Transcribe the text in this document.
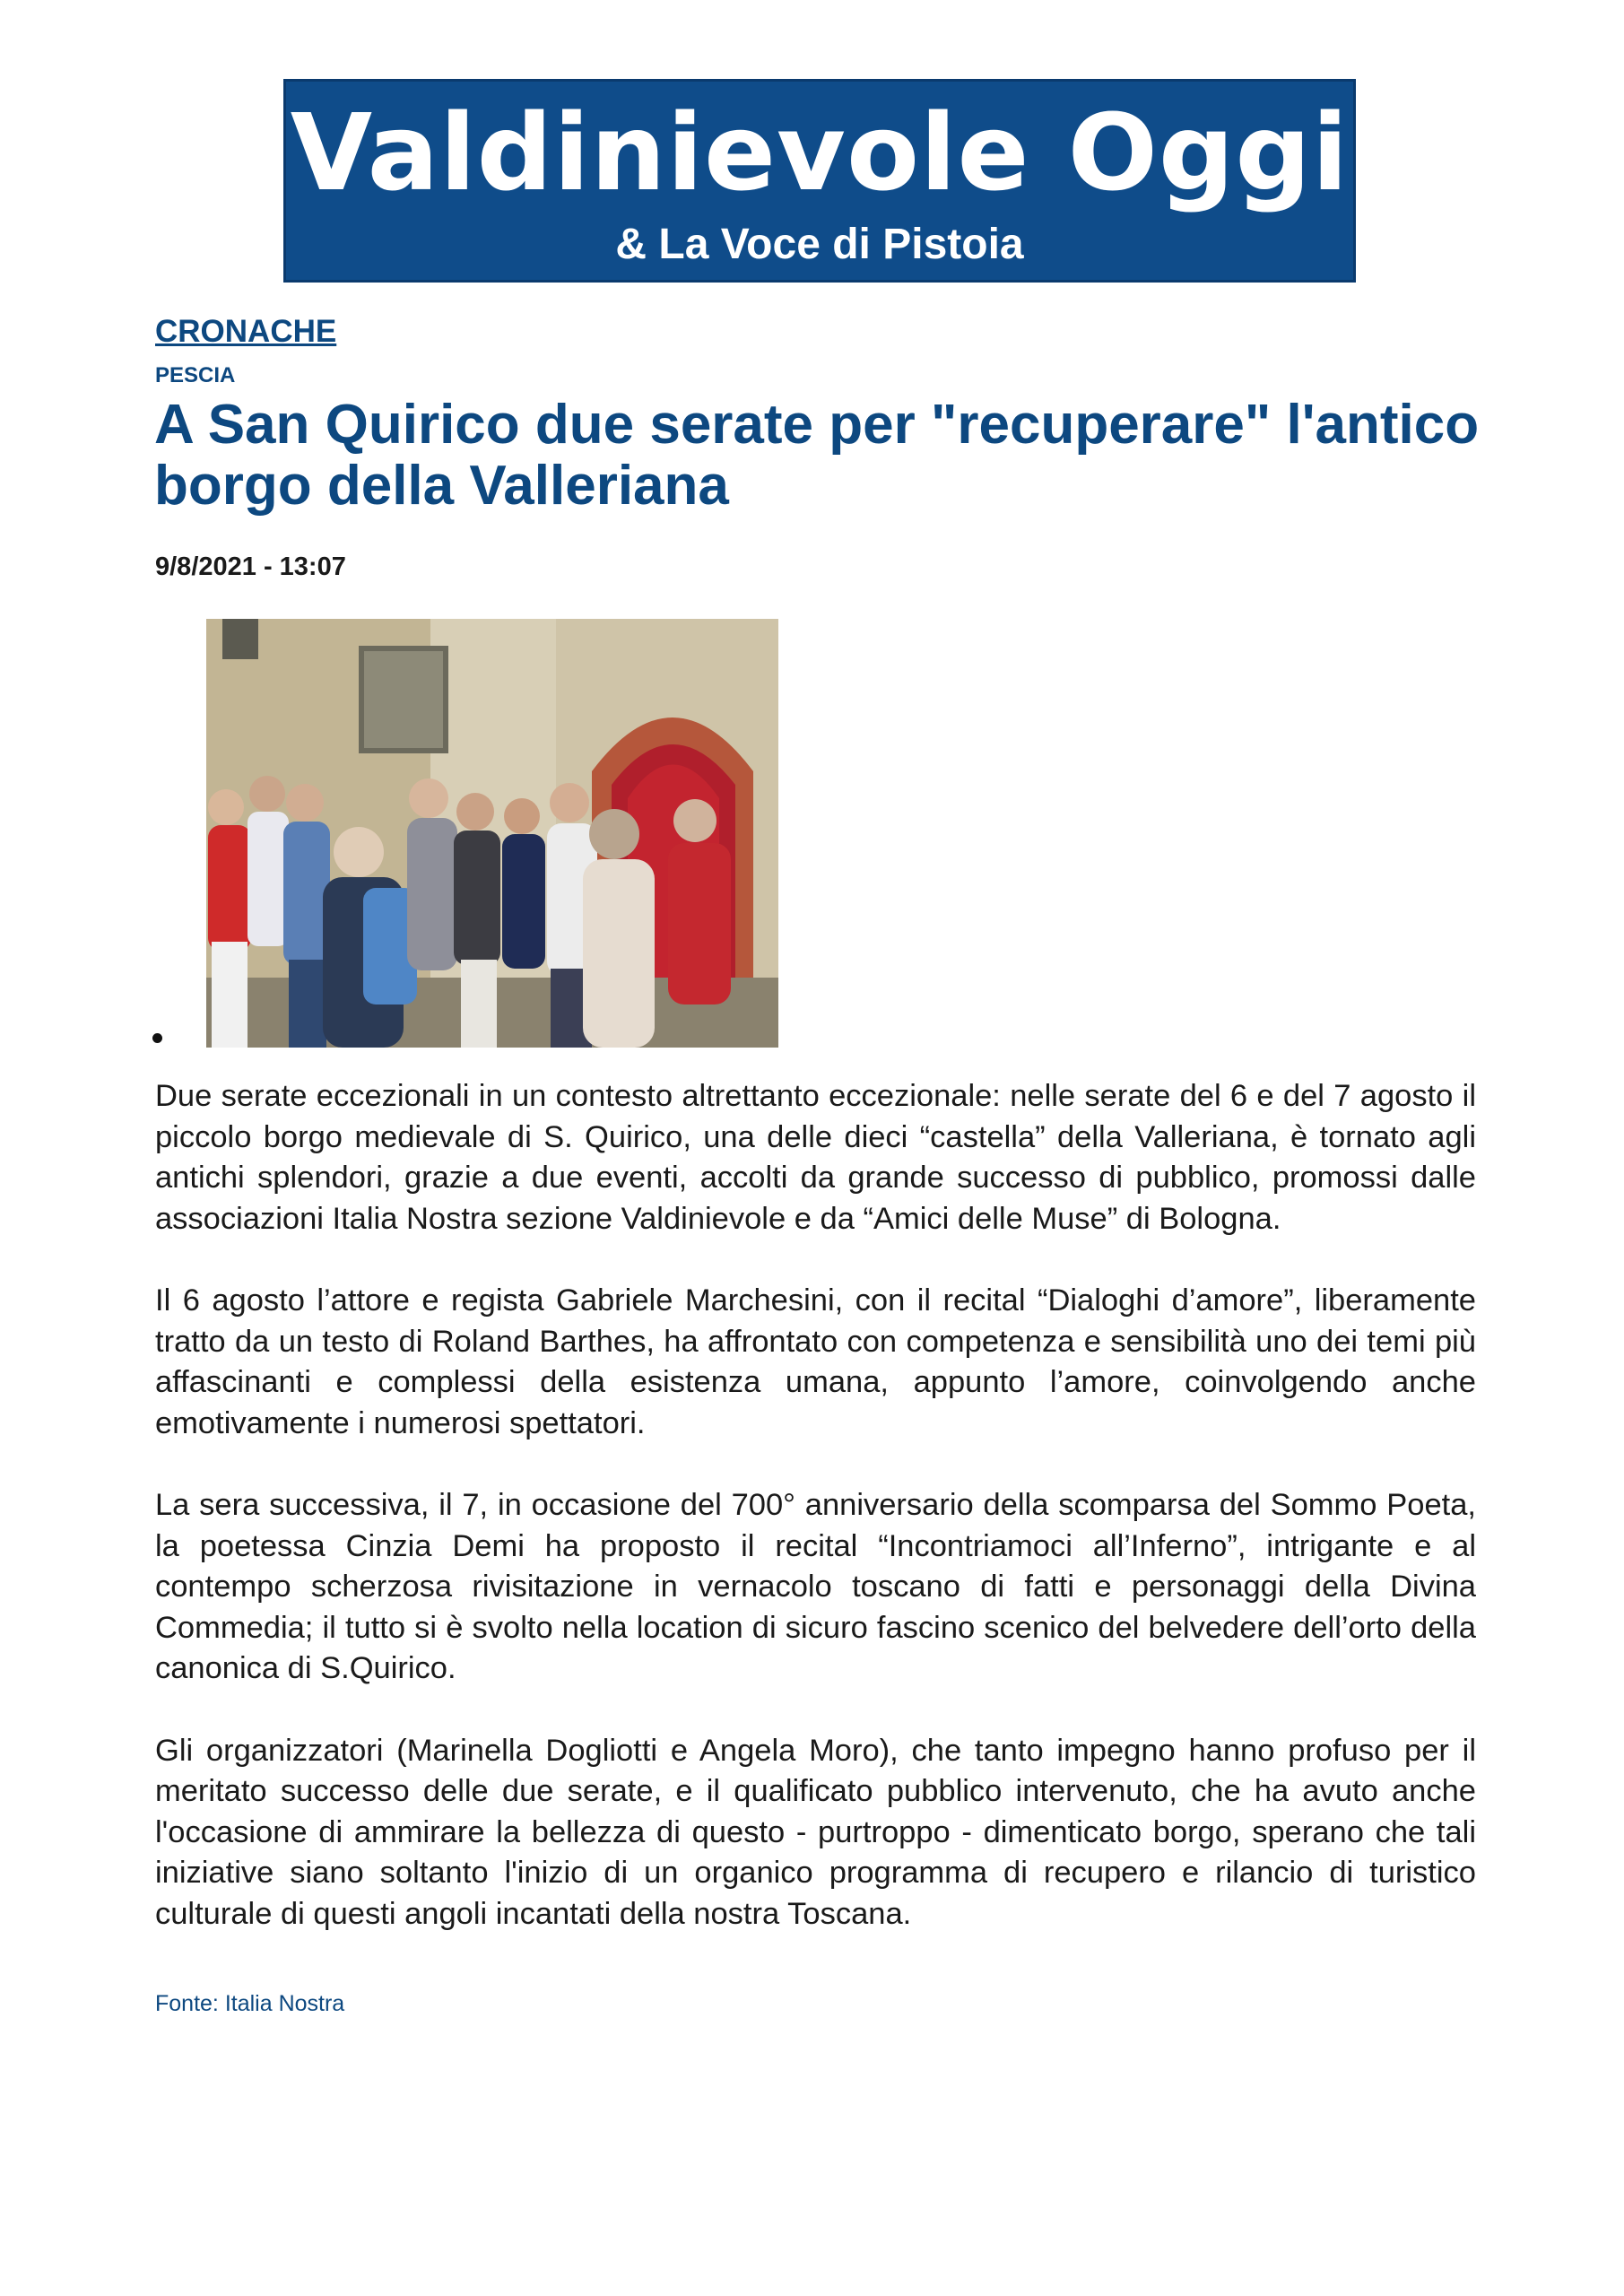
Valdinievole Oggi
& La Voce di Pistoia
CRONACHE
PESCIA
A San Quirico due serate per "recuperare" l'antico borgo della Valleriana
9/8/2021 - 13:07

Due serate eccezionali in un contesto altrettanto eccezionale: nelle serate del 6 e del 7 agosto il piccolo borgo medievale di S. Quirico, una delle dieci “castella” della Valleriana, è tornato agli antichi splendori, grazie a due eventi, accolti da grande successo di pubblico, promossi dalle associazioni Italia Nostra sezione Valdinievole e da “Amici delle Muse” di Bologna.

Il 6 agosto l’attore e regista Gabriele Marchesini, con il recital “Dialoghi d’amore”, liberamente tratto da un testo di Roland Barthes, ha affrontato con competenza e sensibilità uno dei temi più affascinanti e complessi della esistenza umana, appunto l’amore, coinvolgendo anche emotivamente i numerosi spettatori.

La sera successiva, il 7, in occasione del 700° anniversario della scomparsa del Sommo Poeta, la poetessa Cinzia Demi ha proposto il recital “Incontriamoci all’Inferno”, intrigante e al contempo scherzosa rivisitazione in vernacolo toscano di fatti e personaggi della Divina Commedia; il tutto si è svolto nella location di sicuro fascino scenico del belvedere dell’orto della canonica di S.Quirico.

Gli organizzatori (Marinella Dogliotti e Angela Moro), che tanto impegno hanno profuso per il meritato successo delle due serate, e il qualificato pubblico intervenuto, che ha avuto anche l'occasione di ammirare la bellezza di questo - purtroppo - dimenticato borgo, sperano che tali iniziative siano soltanto l'inizio di un organico programma di recupero e rilancio di turistico culturale di questi angoli incantati della nostra Toscana.

Fonte: Italia Nostra
